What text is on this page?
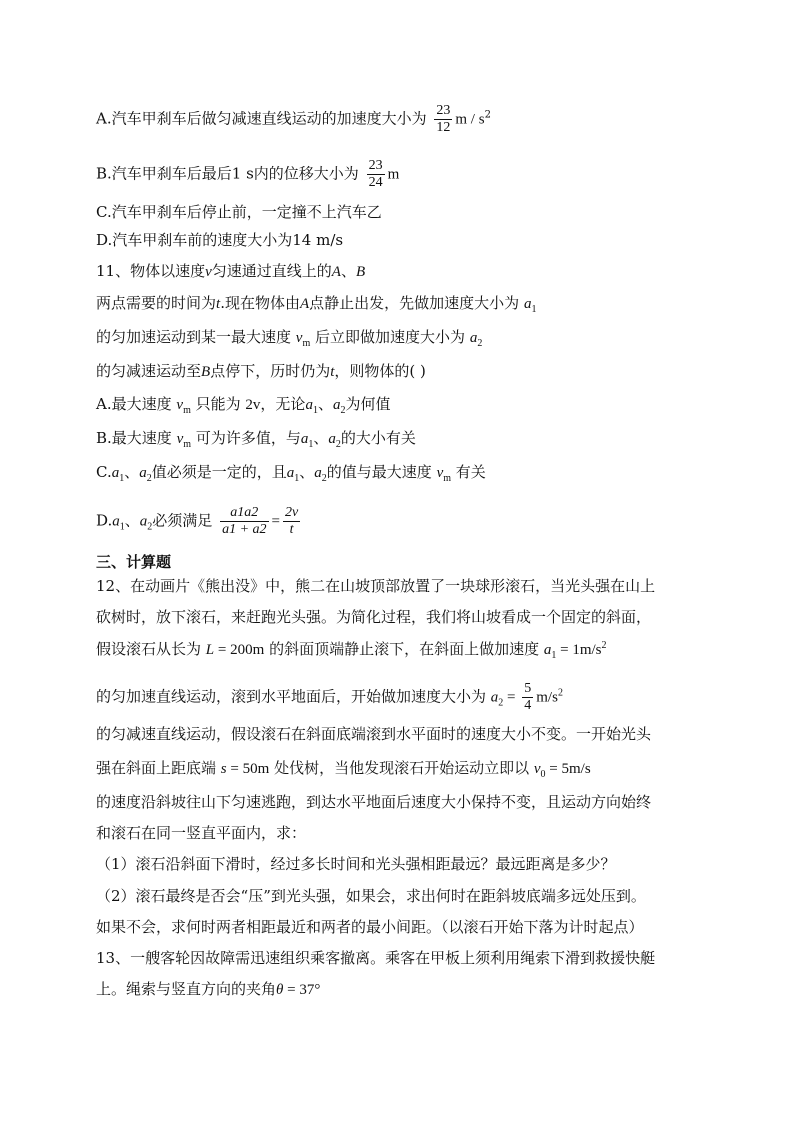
A.汽车甲刹车后做匀减速直线运动的加速度大小为 $\frac{23}{12}$ m / $s^2$
B.汽车甲刹车后最后1 s内的位移大小为 $\frac{23}{24}$ m
C.汽车甲刹车后停止前，一定撞不上汽车乙
D.汽车甲刹车前的速度大小为14 m/s
11、物体以速度v匀速通过直线上的A、B
两点需要的时间为t.现在物体由A点静止出发，先做加速度大小为 $a_1$
的匀加速运动到某一最大速度 $v_m$ 后立即做加速度大小为 $a_2$
的匀减速运动至B点停下，历时仍为t，则物体的( )
A.最大速度 $v_m$ 只能为 2v，无论$a_1$、$a_2$为何值
B.最大速度 $v_m$ 可为许多值，与$a_1$、$a_2$的大小有关
$C.a_1$、$a_2$值必须是一定的，且$a_1$、$a_2$的值与最大速度 $v_m$ 有关
$D.a_1$、$a_2$必须满足 $\frac{a1a2}{a1 + a2} = \frac{2v}{t}$
三、计算题
12、在动画片《熊出没》中，熊二在山坡顶部放置了一块球形滚石，当光头强在山上
砍树时，放下滚石，来赶跑光头强。为简化过程，我们将山坡看成一个固定的斜面，
假设滚石从长为 L = 200m 的斜面顶端静止滚下，在斜面上做加速度 $a_1 = 1m/s^2$
的匀加速直线运动，滚到水平地面后，开始做加速度大小为 $a_2 = \frac{5}{4} m/s^2$
的匀减速直线运动，假设滚石在斜面底端滚到水平面时的速度大小不变。一开始光头
强在斜面上距底端 s = 50m 处伐树，当他发现滚石开始运动立即以 $v_0 = 5m/s$
的速度沿斜坡往山下匀速逃跑，到达水平地面后速度大小保持不变，且运动方向始终
和滚石在同一竖直平面内，求：
（1）滚石沿斜面下滑时，经过多长时间和光头强相距最远？最远距离是多少？
（2）滚石最终是否会“压”到光头强，如果会，求出何时在距斜坡底端多远处压到。
如果不会，求何时两者相距最近和两者的最小间距。（以滚石开始下落为计时起点）
13、一艘客轮因故障需迅速组织乘客撤离。乘客在甲板上须利用绳索下滑到救援快艇
上。绳索与竖直方向的夹角θ = 37°
